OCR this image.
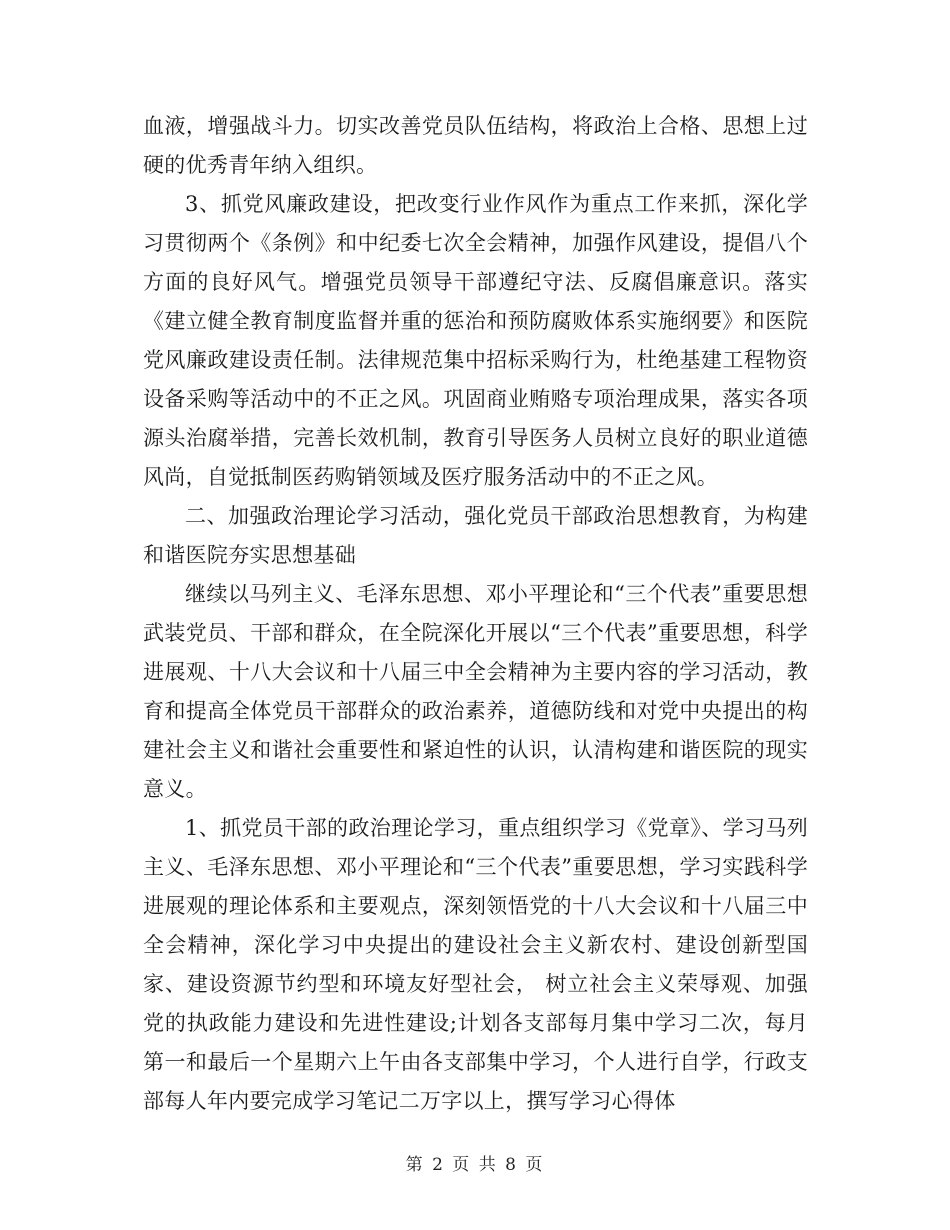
血液，增强战斗力。切实改善党员队伍结构，将政治上合格、思想上过硬的优秀青年纳入组织。

3、抓党风廉政建设，把改变行业作风作为重点工作来抓，深化学习贯彻两个《条例》和中纪委七次全会精神，加强作风建设，提倡八个方面的良好风气。增强党员领导干部遵纪守法、反腐倡廉意识。落实《建立健全教育制度监督并重的惩治和预防腐败体系实施纲要》和医院党风廉政建设责任制。法律规范集中招标采购行为，杜绝基建工程物资设备采购等活动中的不正之风。巩固商业贿赂专项治理成果，落实各项源头治腐举措，完善长效机制，教育引导医务人员树立良好的职业道德风尚，自觉抵制医药购销领域及医疗服务活动中的不正之风。

二、加强政治理论学习活动，强化党员干部政治思想教育，为构建和谐医院夯实思想基础

继续以马列主义、毛泽东思想、邓小平理论和“三个代表”重要思想武装党员、干部和群众，在全院深化开展以“三个代表”重要思想，科学进展观、十八大会议和十八届三中全会精神为主要内容的学习活动，教育和提高全体党员干部群众的政治素养，道德防线和对党中央提出的构建社会主义和谐社会重要性和紧迫性的认识，认清构建和谐医院的现实意义。

1、抓党员干部的政治理论学习，重点组织学习《党章》、学习马列主义、毛泽东思想、邓小平理论和“三个代表”重要思想，学习实践科学进展观的理论体系和主要观点，深刻领悟党的十八大会议和十八届三中全会精神，深化学习中央提出的建设社会主义新农村、建设创新型国家、建设资源节约型和环境友好型社会， 树立社会主义荣辱观、加强党的执政能力建设和先进性建设;计划各支部每月集中学习二次，每月第一和最后一个星期六上午由各支部集中学习，个人进行自学，行政支部每人年内要完成学习笔记二万字以上，撰写学习心得体

第 2 页 共 8 页
